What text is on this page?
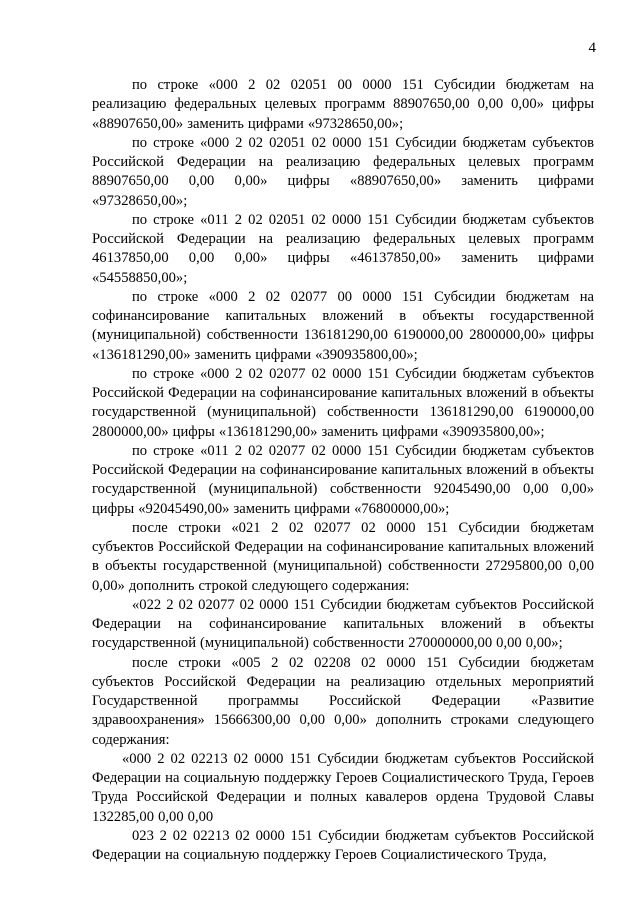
4

по строке «000 2 02 02051 00 0000 151 Субсидии бюджетам на реализацию федеральных целевых программ 88907650,00 0,00 0,00» цифры «88907650,00» заменить цифрами «97328650,00»;

по строке «000 2 02 02051 02 0000 151 Субсидии бюджетам субъектов Российской Федерации на реализацию федеральных целевых программ 88907650,00 0,00 0,00» цифры «88907650,00» заменить цифрами «97328650,00»;

по строке «011 2 02 02051 02 0000 151 Субсидии бюджетам субъектов Российской Федерации на реализацию федеральных целевых программ 46137850,00 0,00 0,00» цифры «46137850,00» заменить цифрами «54558850,00»;

по строке «000 2 02 02077 00 0000 151 Субсидии бюджетам на софинансирование капитальных вложений в объекты государственной (муниципальной) собственности 136181290,00 6190000,00 2800000,00» цифры «136181290,00» заменить цифрами «390935800,00»;

по строке «000 2 02 02077 02 0000 151 Субсидии бюджетам субъектов Российской Федерации на софинансирование капитальных вложений в объекты государственной (муниципальной) собственности 136181290,00 6190000,00 2800000,00» цифры «136181290,00» заменить цифрами «390935800,00»;

по строке «011 2 02 02077 02 0000 151 Субсидии бюджетам субъектов Российской Федерации на софинансирование капитальных вложений в объекты государственной (муниципальной) собственности 92045490,00 0,00 0,00» цифры «92045490,00» заменить цифрами «76800000,00»;

после строки «021 2 02 02077 02 0000 151 Субсидии бюджетам субъектов Российской Федерации на софинансирование капитальных вложений в объекты государственной (муниципальной) собственности 27295800,00 0,00 0,00» дополнить строкой следующего содержания:

«022 2 02 02077 02 0000 151 Субсидии бюджетам субъектов Российской Федерации на софинансирование капитальных вложений в объекты государственной (муниципальной) собственности 270000000,00 0,00 0,00»;

после строки «005 2 02 02208 02 0000 151 Субсидии бюджетам субъектов Российской Федерации на реализацию отдельных мероприятий Государственной программы Российской Федерации «Развитие здравоохранения» 15666300,00 0,00 0,00» дополнить строками следующего содержания:

«000 2 02 02213 02 0000 151 Субсидии бюджетам субъектов Российской Федерации на социальную поддержку Героев Социалистического Труда, Героев Труда Российской Федерации и полных кавалеров ордена Трудовой Славы 132285,00 0,00 0,00

023 2 02 02213 02 0000 151 Субсидии бюджетам субъектов Российской Федерации на социальную поддержку Героев Социалистического Труда,
